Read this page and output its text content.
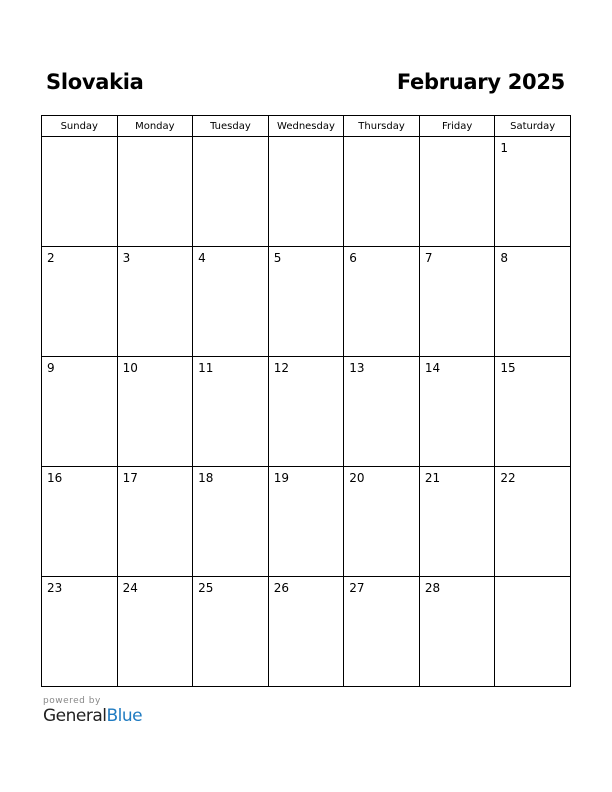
Slovakia	February 2025
Sunday	Monday	Tuesday	Wednesday	Thursday	Friday	Saturday

						1

2	3	4	5	6	7	8

9	10	11	12	13	14	15

16	17	18	19	20	21	22

23	24	25	26	27	28	

powered by
GeneralBlue
